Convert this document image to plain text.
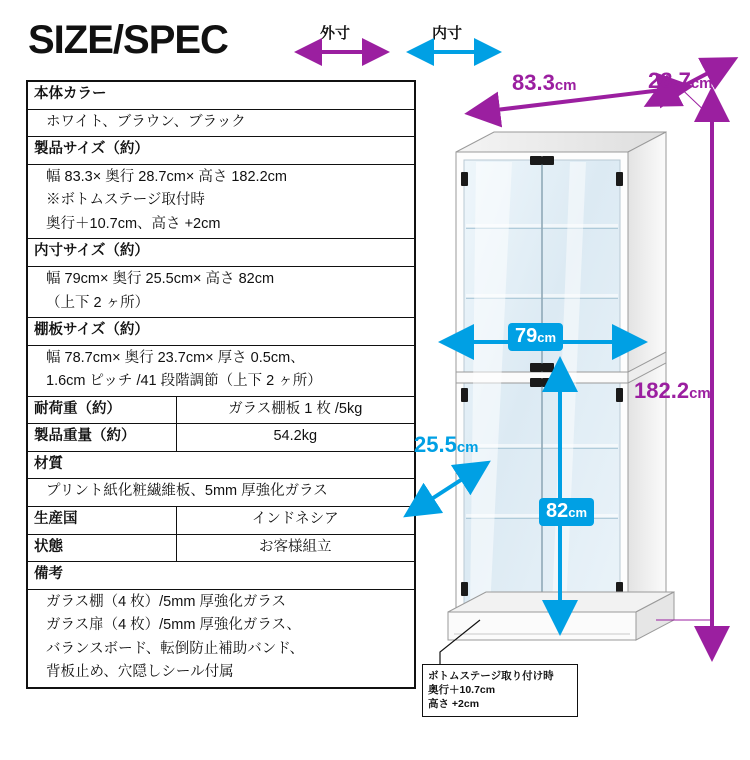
SIZE/SPEC	外寸	内寸
本体カラー	
ホワイト、ブラウン、ブラック	
製品サイズ（約）	
幅 83.3× 奥行 28.7cm× 高さ 182.2cm	
※ボトムステージ取付時	
奥行＋10.7cm、高さ +2cm	
内寸サイズ（約）	
幅 79cm× 奥行 25.5cm× 高さ 82cm	
（上下 2 ヶ所）	
棚板サイズ（約）	
幅 78.7cm× 奥行 23.7cm× 厚さ 0.5cm、	
1.6cm ピッチ /41 段階調節（上下 2 ヶ所）	
耐荷重（約）	ガラス棚板 1 枚 /5kg
製品重量（約）	54.2kg
材質	
プリント紙化粧繊維板、5mm 厚強化ガラス	
生産国	インドネシア
状態	お客様組立
備考	
ガラス棚（4 枚）/5mm 厚強化ガラス	
ガラス扉（4 枚）/5mm 厚強化ガラス、	
バランスボード、転倒防止補助バンド、	
背板止め、穴隠しシール付属	
83.3cm	28.7cm
182.2cm
79cm
25.5cm
82cm
ボトムステージ取り付け時
奥行＋10.7cm
高さ +2cm
